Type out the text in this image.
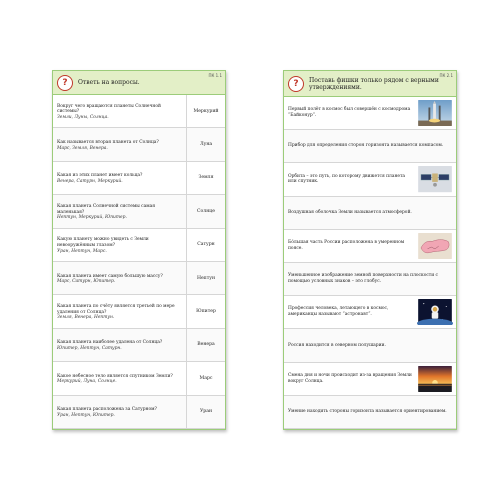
?	Ответь на вопросы.
ПК 1.1
Вокруг чего вращаются планеты Солнечной системы?
Земли, Луны, Солнца.
Меркурий
Как называется вторая планета от Солнца?
Марс, Земля, Венера.
Луна
Какая из этих планет имеет кольца?
Венера, Сатурн, Меркурий.
Земля
Какая планета Солнечной системы самая маленькая?
Нептун, Меркурий, Юпитер.
Солнце
Какую планету можно увидеть с Земли невооружённым глазом?
Уран, Нептун, Марс.
Сатурн
Какая планета имеет самую большую массу?
Марс, Сатурн, Юпитер.
Нептун
Какая планета по счёту является третьей по мере удаления от Солнца?
Земля, Венера, Нептун.
Юпитер
Какая планета наиболее удалена от Солнца?
Юпитер, Нептун, Сатурн.
Венера
Какое небесное тело является спутником Земли?
Меркурий, Луна, Солнце.
Марс
Какая планета расположена за Сатурном?
Уран, Нептун, Юпитер.
Уран
?	Поставь фишки только рядом с верными утверждениями.
ПК 2.1
Первый полёт в космос был совершён с космодрома “Байконур”.
Прибор для определения сторон горизонта называется компасом.
Орбита – это путь, по которому движется планета или спутник.
Воздушная оболочка Земли называется атмосферой.
Бóльшая часть России расположена в умеренном поясе.
Уменьшенное изображение земной поверхности на плоскости с помощью условных знаков – это глобус.
Профессия человека, летающего в космос, американцы называют “астронавт”.
Россия находится в северном полушарии.
Смена дня и ночи происходит из-за вращения Земли вокруг Солнца.
Умение находить стороны горизонта называется ориентированием.
